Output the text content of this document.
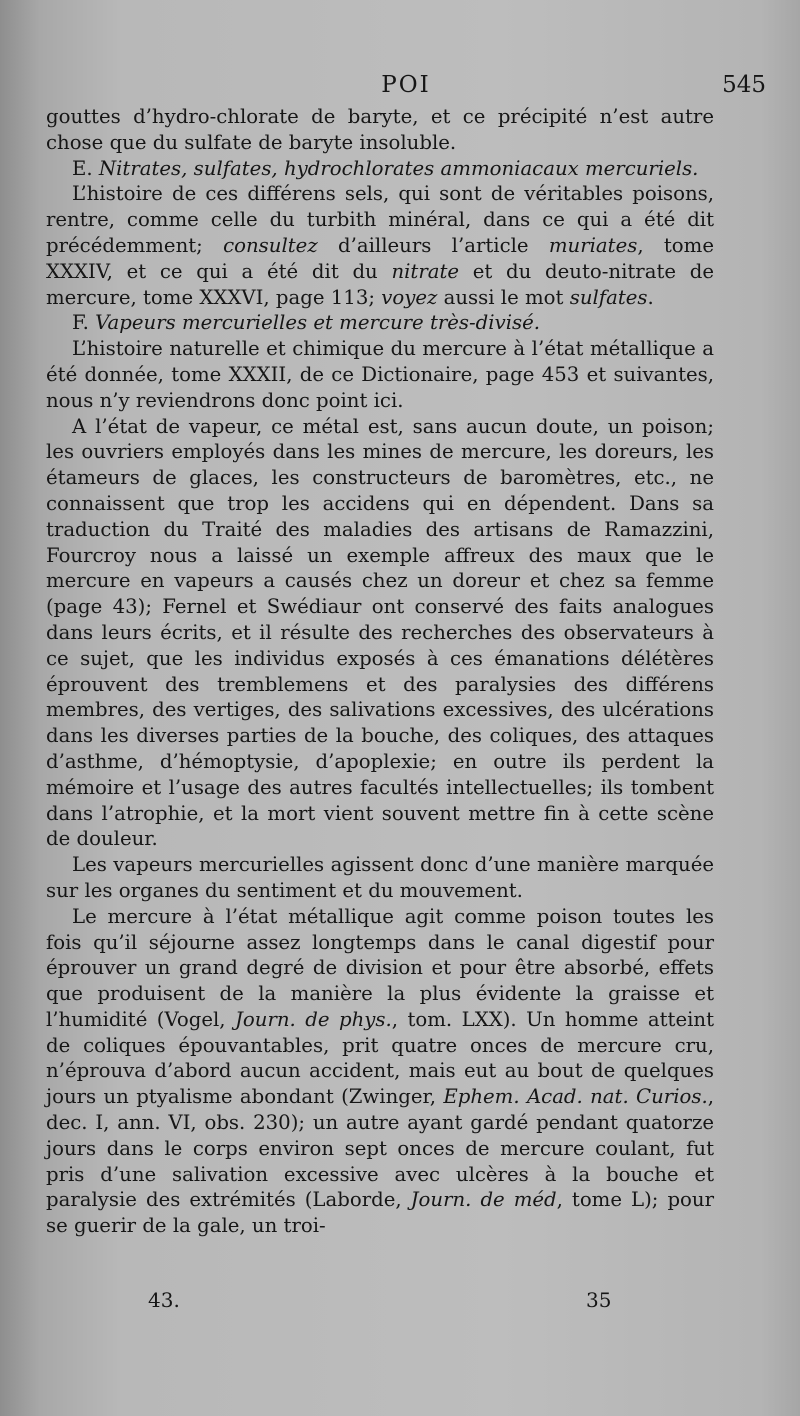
POI	545

gouttes d’hydro-chlorate de baryte, et ce précipité n’est autre chose que du sulfate de baryte insoluble.

E. Nitrates, sulfates, hydrochlorates ammoniacaux mercuriels.

L’histoire de ces différens sels, qui sont de véritables poisons, rentre, comme celle du turbith minéral, dans ce qui a été dit précédemment; consultez d’ailleurs l’article muriates, tome XXXIV, et ce qui a été dit du nitrate et du deuto-nitrate de mercure, tome XXXVI, page 113; voyez aussi le mot sulfates.

F. Vapeurs mercurielles et mercure très-divisé.

L’histoire naturelle et chimique du mercure à l’état métallique a été donnée, tome XXXII, de ce Dictionaire, page 453 et suivantes, nous n’y reviendrons donc point ici.

A l’état de vapeur, ce métal est, sans aucun doute, un poison; les ouvriers employés dans les mines de mercure, les doreurs, les étameurs de glaces, les constructeurs de baromètres, etc., ne connaissent que trop les accidens qui en dépendent. Dans sa traduction du Traité des maladies des artisans de Ramazzini, Fourcroy nous a laissé un exemple affreux des maux que le mercure en vapeurs a causés chez un doreur et chez sa femme (page 43); Fernel et Swédiaur ont conservé des faits analogues dans leurs écrits, et il résulte des recherches des observateurs à ce sujet, que les individus exposés à ces émanations délétères éprouvent des tremblemens et des paralysies des différens membres, des vertiges, des salivations excessives, des ulcérations dans les diverses parties de la bouche, des coliques, des attaques d’asthme, d’hémoptysie, d’apoplexie; en outre ils perdent la mémoire et l’usage des autres facultés intellectuelles; ils tombent dans l’atrophie, et la mort vient souvent mettre fin à cette scène de douleur.

Les vapeurs mercurielles agissent donc d’une manière marquée sur les organes du sentiment et du mouvement.

Le mercure à l’état métallique agit comme poison toutes les fois qu’il séjourne assez longtemps dans le canal digestif pour éprouver un grand degré de division et pour être absorbé, effets que produisent de la manière la plus évidente la graisse et l’humidité (Vogel, Journ. de phys., tom. LXX). Un homme atteint de coliques épouvantables, prit quatre onces de mercure cru, n’éprouva d’abord aucun accident, mais eut au bout de quelques jours un ptyalisme abondant (Zwinger, Ephem. Acad. nat. Curios., dec. I, ann. VI, obs. 230); un autre ayant gardé pendant quatorze jours dans le corps environ sept onces de mercure coulant, fut pris d’une salivation excessive avec ulcères à la bouche et paralysie des extrémités (Laborde, Journ. de méd, tome L); pour se guerir de la gale, un troi-

43.	35
